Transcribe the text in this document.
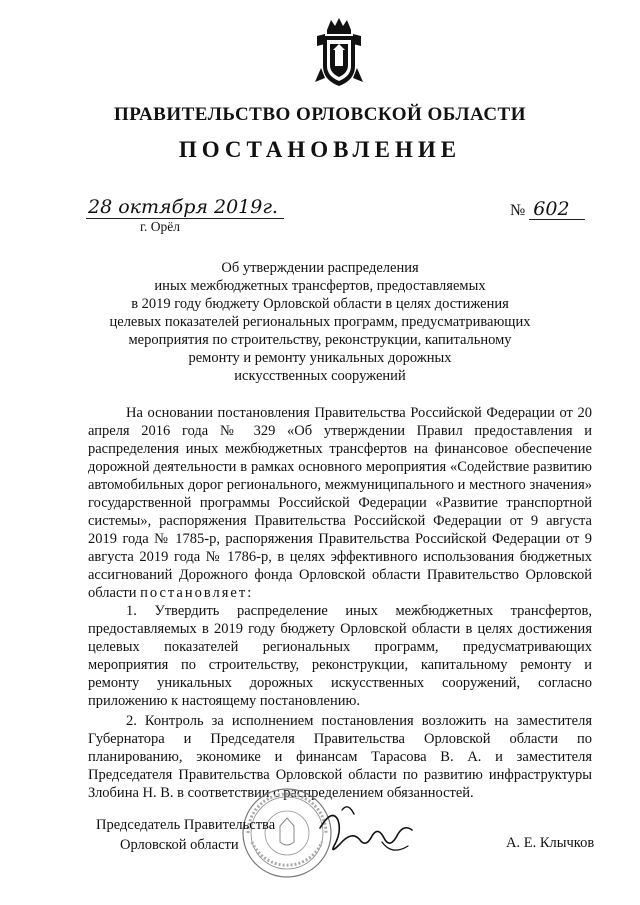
ПРАВИТЕЛЬСТВО ОРЛОВСКОЙ ОБЛАСТИ
ПОСТАНОВЛЕНИЕ
28 октября 2019г.
г. Орёл
№ 602
Об утверждении распределения
иных межбюджетных трансфертов, предоставляемых
в 2019 году бюджету Орловской области в целях достижения
целевых показателей региональных программ, предусматривающих
мероприятия по строительству, реконструкции, капитальному
ремонту и ремонту уникальных дорожных
искусственных сооружений
На основании постановления Правительства Российской Федерации от 20 апреля 2016 года № 329 «Об утверждении Правил предоставления и распределения иных межбюджетных трансфертов на финансовое обеспечение дорожной деятельности в рамках основного мероприятия «Содействие развитию автомобильных дорог регионального, межмуниципального и местного значения» государственной программы Российской Федерации «Развитие транспортной системы», распоряжения Правительства Российской Федерации от 9 августа 2019 года № 1785-р, распоряжения Правительства Российской Федерации от 9 августа 2019 года № 1786-р, в целях эффективного использования бюджетных ассигнований Дорожного фонда Орловской области Правительство Орловской области постановляет:
1. Утвердить распределение иных межбюджетных трансфертов, предоставляемых в 2019 году бюджету Орловской области в целях достижения целевых показателей региональных программ, предусматривающих мероприятия по строительству, реконструкции, капитальному ремонту и ремонту уникальных дорожных искусственных сооружений, согласно приложению к настоящему постановлению.
2. Контроль за исполнением постановления возложить на заместителя Губернатора и Председателя Правительства Орловской области по планированию, экономике и финансам Тарасова В. А. и заместителя Председателя Правительства Орловской области по развитию инфраструктуры Злобина Н. В. в соответствии с распределением обязанностей.
Председатель Правительства
Орловской области	А. Е. Клычков
